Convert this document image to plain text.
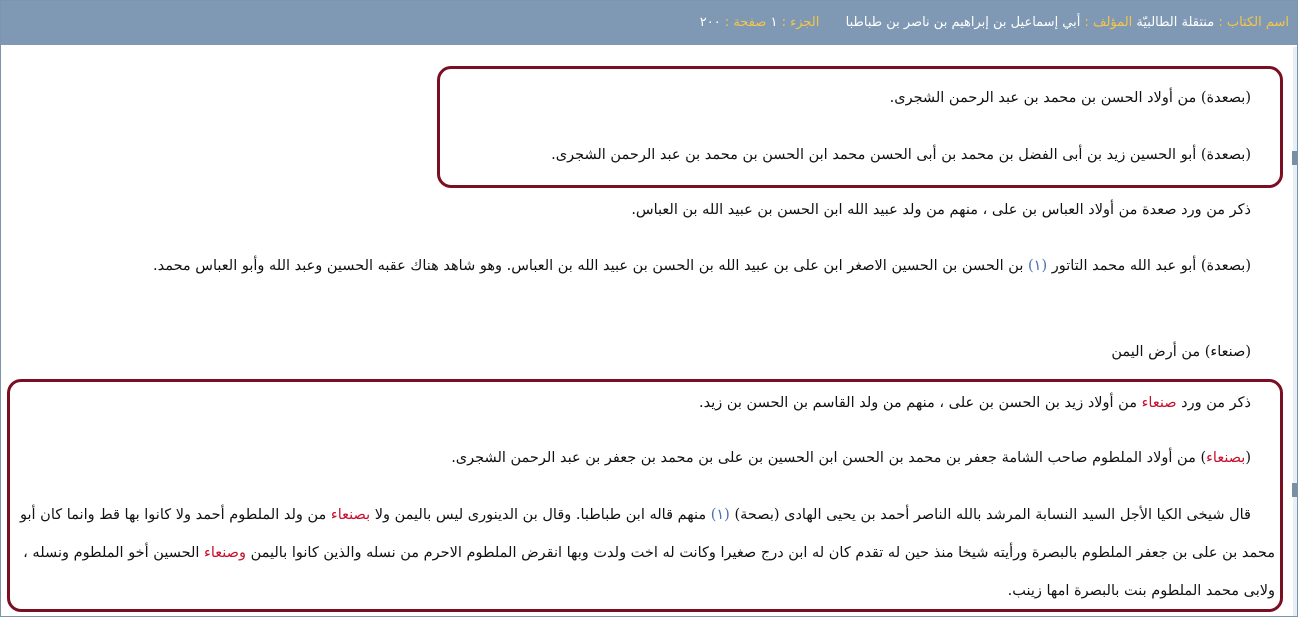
اسم الكتاب : منتقلة الطالبيّة المؤلف : أبي إسماعيل بن إبراهيم بن ناصر بن طباطبا  الجزء : ١ صفحة : ٢٠٠
(بصعدة) من أولاد الحسن بن محمد بن عبد الرحمن الشجرى.
(بصعدة) أبو الحسين زيد بن أبى الفضل بن محمد بن أبى الحسن محمد ابن الحسن بن محمد بن عبد الرحمن الشجرى.
ذكر من ورد صعدة من أولاد العباس بن على ، منهم من ولد عبيد الله ابن الحسن بن عبيد الله بن العباس.
(بصعدة) أبو عبد الله محمد التاتور (١) بن الحسن بن الحسين الاصغر ابن على بن عبيد الله بن الحسن بن عبيد الله بن العباس. وهو شاهد هناك عقبه الحسين وعبد الله وأبو العباس محمد.
(صنعاء) من أرض اليمن
ذكر من ورد صنعاء من أولاد زيد بن الحسن بن على ، منهم من ولد القاسم بن الحسن بن زيد.
(بصنعاء) من أولاد الملطوم صاحب الشامة جعفر بن محمد بن الحسن ابن الحسين بن على بن محمد بن جعفر بن عبد الرحمن الشجرى.
قال شيخى الكيا الأجل السيد النسابة المرشد بالله الناصر أحمد بن يحيى الهادى (بصحة) (١) منهم قاله ابن طباطبا. وقال بن الدينورى ليس باليمن ولا بصنعاء من ولد الملطوم أحمد ولا كانوا بها قط وانما كان أبو محمد بن على بن جعفر الملطوم بالبصرة ورأيته شيخا منذ حين له تقدم كان له ابن درج صغيرا وكانت له اخت ولدت وبها انقرض الملطوم الاحرم من نسله والذين كانوا باليمن وصنعاء الحسين أخو الملطوم ونسله ، ولابى محمد الملطوم بنت بالبصرة امها زينب.
